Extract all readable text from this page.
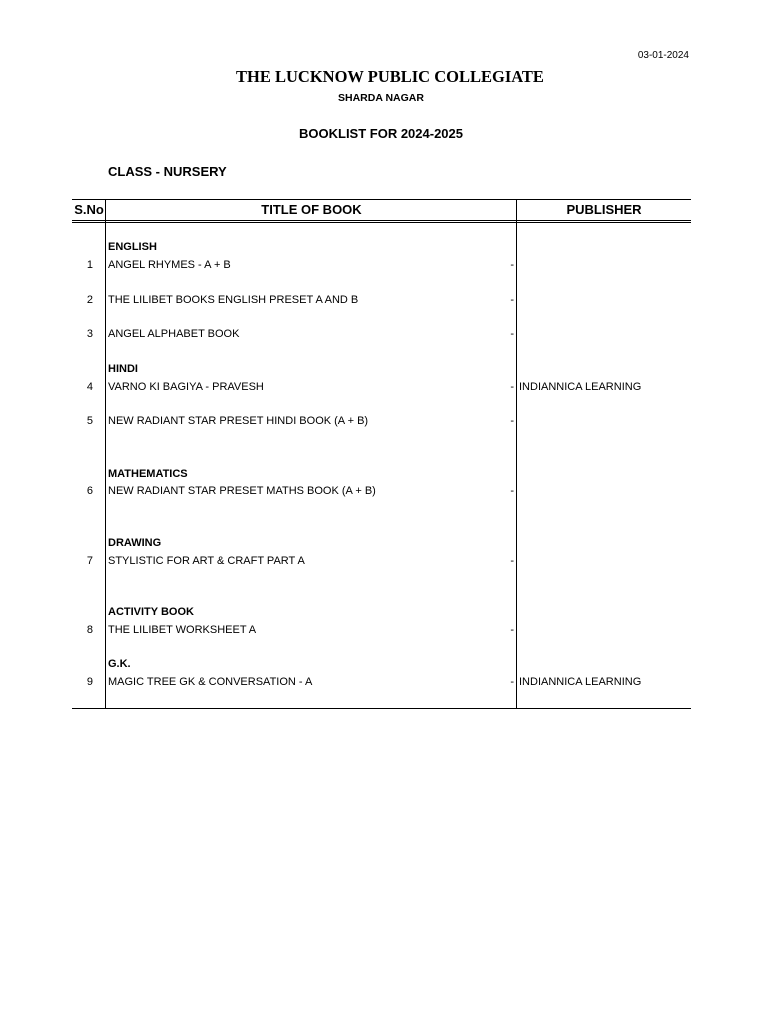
03-01-2024
THE LUCKNOW PUBLIC COLLEGIATE
SHARDA NAGAR
BOOKLIST FOR 2024-2025
CLASS - NURSERY
S.No	TITLE OF BOOK	PUBLISHER
ENGLISH
HINDI
MATHEMATICS
DRAWING
ACTIVITY BOOK
G.K.
1 ANGEL RHYMES - A + B	-
2 THE LILIBET BOOKS ENGLISH PRESET A AND B	-
3 ANGEL ALPHABET BOOK	-
4 VARNO KI BAGIYA - PRAVESH	- INDIANNICA LEARNING
5 NEW RADIANT STAR PRESET HINDI BOOK (A + B)	-
6 NEW RADIANT STAR PRESET MATHS BOOK (A + B)	-
7 STYLISTIC FOR ART & CRAFT PART A	-
8 THE LILIBET WORKSHEET A	-
9 MAGIC TREE GK & CONVERSATION - A	- INDIANNICA LEARNING
